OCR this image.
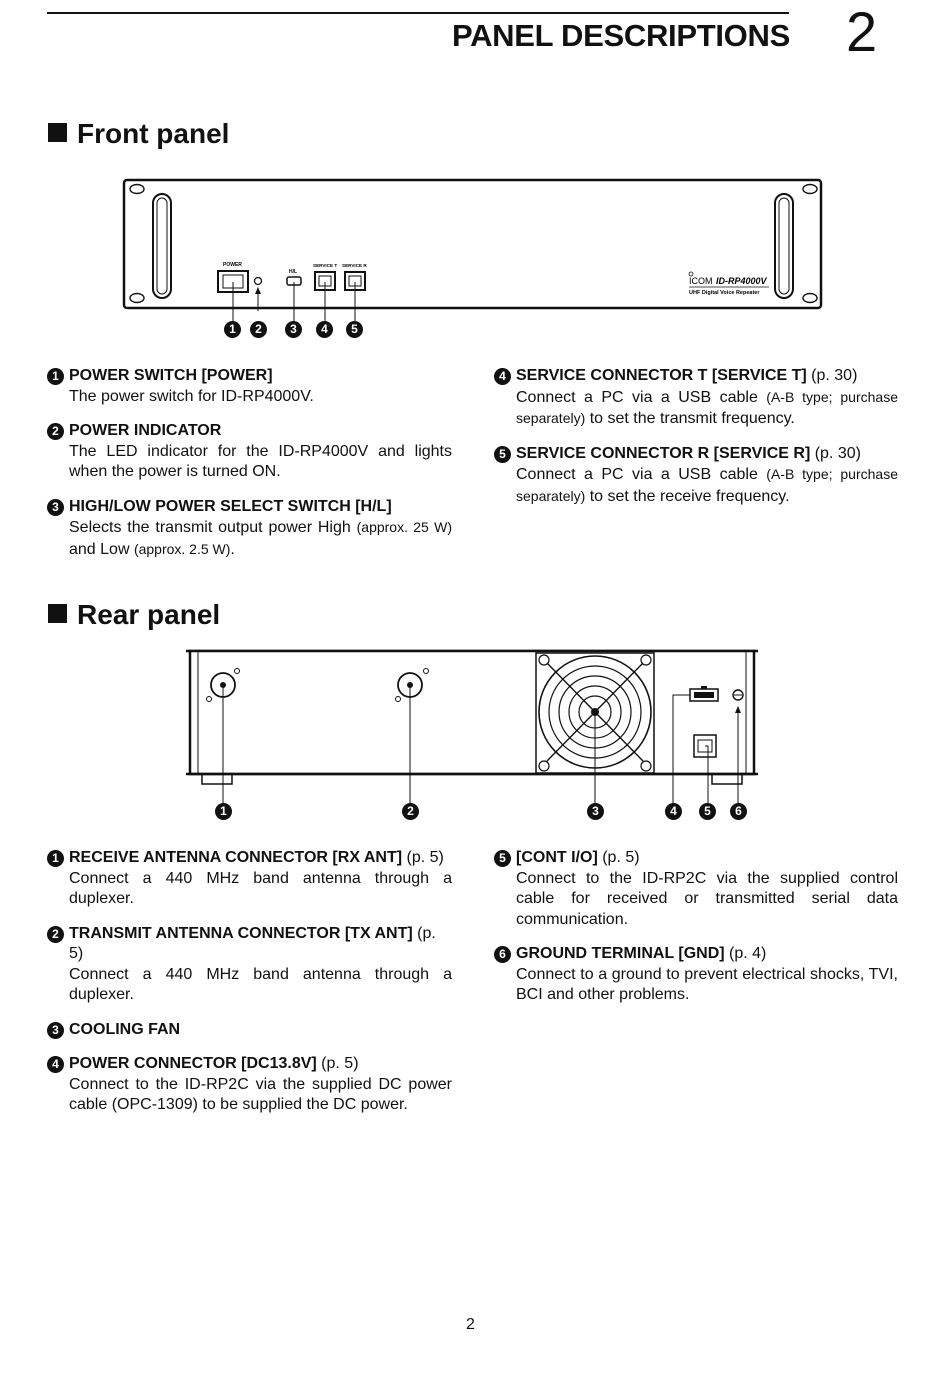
PANEL DESCRIPTIONS 2
Front panel
POWER
H/L
SERVICE T SERVICE R
ICOM ID-RP4000V
UHF Digital Voice Repeater
1	2	3	4	5
1 POWER SWITCH [POWER]
The power switch for ID-RP4000V.
2 POWER INDICATOR
The LED indicator for the ID-RP4000V and lights when the power is turned ON.
3 HIGH/LOW POWER SELECT SWITCH [H/L]
Selects the transmit output power High (approx. 25 W) and Low (approx. 2.5 W).
4 SERVICE CONNECTOR T [SERVICE T] (p. 30)
Connect a PC via a USB cable (A-B type; purchase separately) to set the transmit frequency.
5 SERVICE CONNECTOR R [SERVICE R] (p. 30)
Connect a PC via a USB cable (A-B type; purchase separately) to set the receive frequency.
Rear panel
1	2	3	4	5	6
1 RECEIVE ANTENNA CONNECTOR [RX ANT] (p. 5)
Connect a 440 MHz band antenna through a duplexer.
2 TRANSMIT ANTENNA CONNECTOR [TX ANT] (p. 5)
Connect a 440 MHz band antenna through a duplexer.
3 COOLING FAN
4 POWER CONNECTOR [DC13.8V] (p. 5)
Connect to the ID-RP2C via the supplied DC power cable (OPC-1309) to be supplied the DC power.
5 [CONT I/O] (p. 5)
Connect to the ID-RP2C via the supplied control cable for received or transmitted serial data communication.
6 GROUND TERMINAL [GND] (p. 4)
Connect to a ground to prevent electrical shocks, TVI, BCI and other problems.
2
